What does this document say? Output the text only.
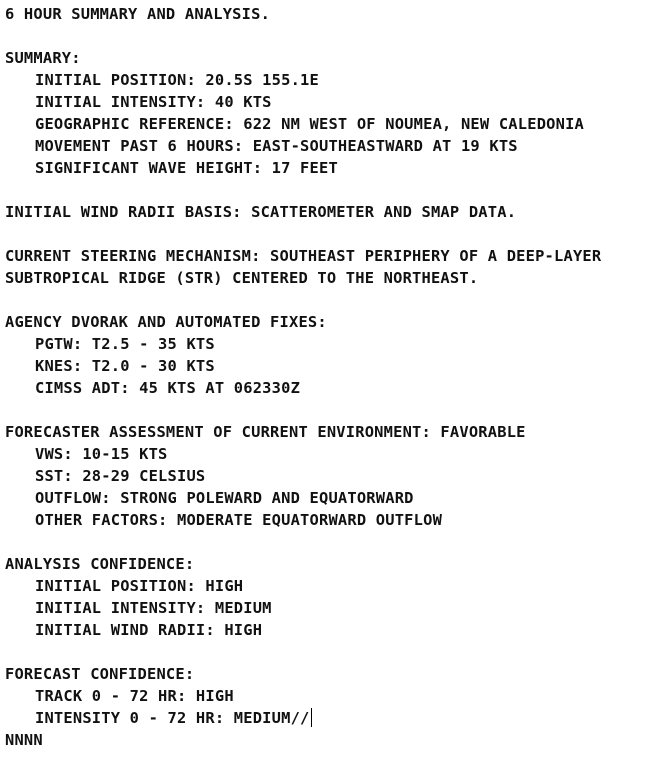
6 HOUR SUMMARY AND ANALYSIS.
SUMMARY:
INITIAL POSITION: 20.5S 155.1E
INITIAL INTENSITY: 40 KTS
GEOGRAPHIC REFERENCE: 622 NM WEST OF NOUMEA, NEW CALEDONIA
MOVEMENT PAST 6 HOURS: EAST-SOUTHEASTWARD AT 19 KTS
SIGNIFICANT WAVE HEIGHT: 17 FEET
INITIAL WIND RADII BASIS: SCATTEROMETER AND SMAP DATA.
CURRENT STEERING MECHANISM: SOUTHEAST PERIPHERY OF A DEEP-LAYER
SUBTROPICAL RIDGE (STR) CENTERED TO THE NORTHEAST.
AGENCY DVORAK AND AUTOMATED FIXES:
PGTW: T2.5 - 35 KTS
KNES: T2.0 - 30 KTS
CIMSS ADT: 45 KTS AT 062330Z
FORECASTER ASSESSMENT OF CURRENT ENVIRONMENT: FAVORABLE
VWS: 10-15 KTS
SST: 28-29 CELSIUS
OUTFLOW: STRONG POLEWARD AND EQUATORWARD
OTHER FACTORS: MODERATE EQUATORWARD OUTFLOW
ANALYSIS CONFIDENCE:
INITIAL POSITION: HIGH
INITIAL INTENSITY: MEDIUM
INITIAL WIND RADII: HIGH
FORECAST CONFIDENCE:
TRACK 0 - 72 HR: HIGH
INTENSITY 0 - 72 HR: MEDIUM//
NNNN
